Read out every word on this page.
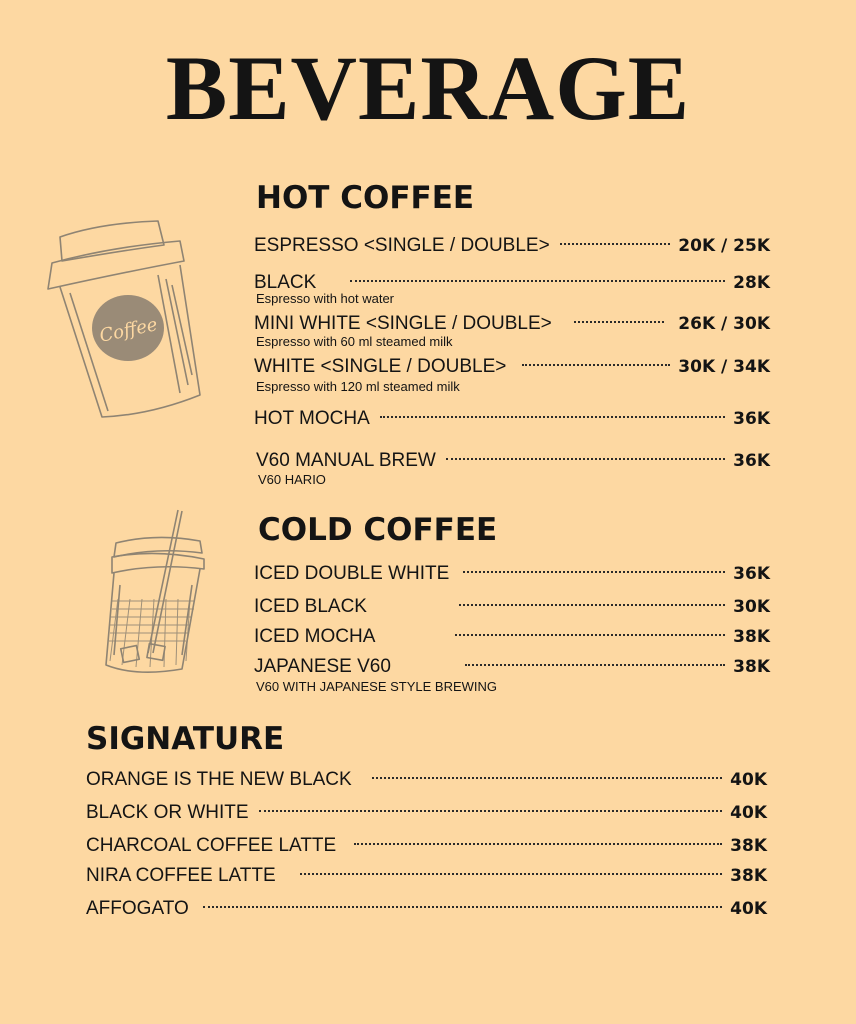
BEVERAGE
Coffee
HOT COFFEE
ESPRESSO <SINGLE / DOUBLE>	20K / 25K
BLACK	28K
Espresso with hot water
MINI WHITE <SINGLE / DOUBLE>	26K / 30K
Espresso with 60 ml steamed milk
WHITE <SINGLE / DOUBLE>	30K / 34K
Espresso with 120 ml steamed milk
HOT MOCHA	36K
V60 MANUAL BREW	36K
V60 HARIO
COLD COFFEE
ICED DOUBLE WHITE	36K
ICED BLACK	30K
ICED MOCHA	38K
JAPANESE V60	38K
V60 WITH JAPANESE STYLE BREWING
SIGNATURE
ORANGE IS THE NEW BLACK	40K
BLACK OR WHITE	40K
CHARCOAL COFFEE LATTE	38K
NIRA COFFEE LATTE	38K
AFFOGATO	40K
